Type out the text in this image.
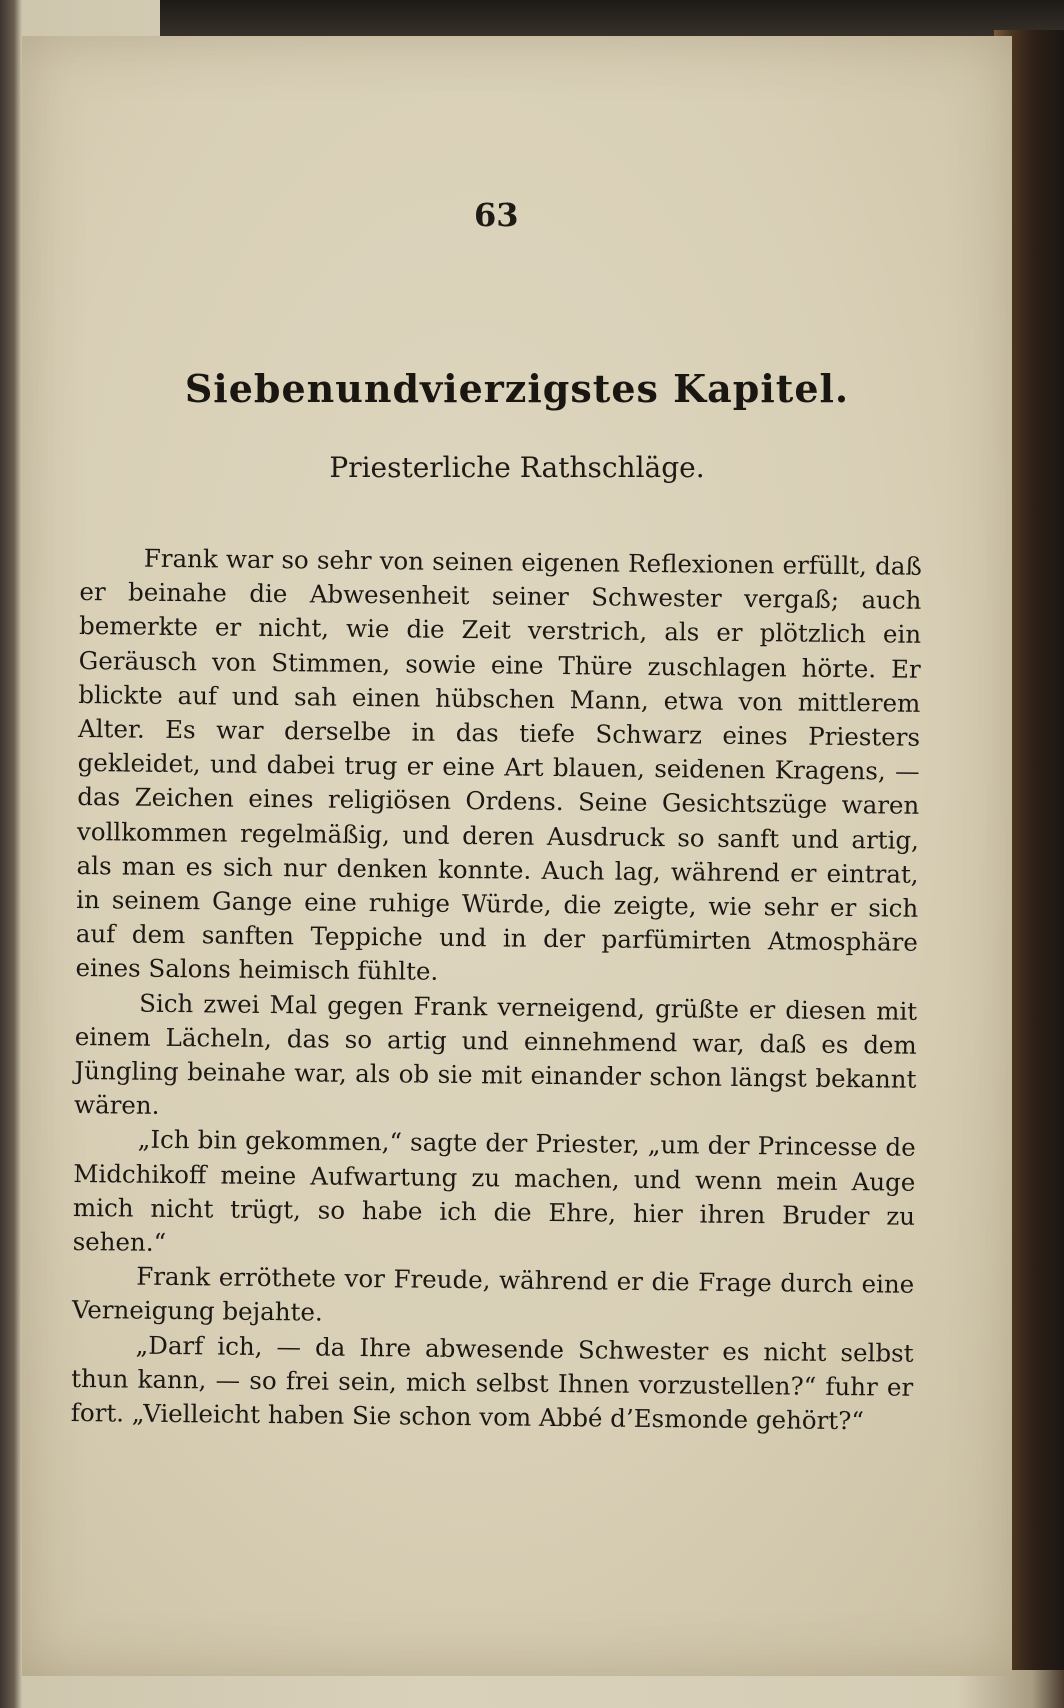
63
Siebenundvierzigstes Kapitel.
Priesterliche Rathschläge.

Frank war so sehr von seinen eigenen Reflexionen erfüllt, daß er beinahe die Abwesenheit seiner Schwester vergaß; auch bemerkte er nicht, wie die Zeit verstrich, als er plötzlich ein Geräusch von Stimmen, sowie eine Thüre zuschlagen hörte. Er blickte auf und sah einen hübschen Mann, etwa von mittlerem Alter. Es war derselbe in das tiefe Schwarz eines Priesters gekleidet, und dabei trug er eine Art blauen, seidenen Kragens, — das Zeichen eines religiösen Ordens. Seine Gesichtszüge waren vollkommen regelmäßig, und deren Ausdruck so sanft und artig, als man es sich nur denken konnte. Auch lag, während er eintrat, in seinem Gange eine ruhige Würde, die zeigte, wie sehr er sich auf dem sanften Teppiche und in der parfümirten Atmosphäre eines Salons heimisch fühlte.

Sich zwei Mal gegen Frank verneigend, grüßte er diesen mit einem Lächeln, das so artig und einnehmend war, daß es dem Jüngling beinahe war, als ob sie mit einander schon längst bekannt wären.

„Ich bin gekommen,“ sagte der Priester, „um der Princesse de Midchikoff meine Aufwartung zu machen, und wenn mein Auge mich nicht trügt, so habe ich die Ehre, hier ihren Bruder zu sehen.“

Frank erröthete vor Freude, während er die Frage durch eine Verneigung bejahte.

„Darf ich, — da Ihre abwesende Schwester es nicht selbst thun kann, — so frei sein, mich selbst Ihnen vorzustellen?“ fuhr er fort. „Vielleicht haben Sie schon vom Abbé d’Esmonde gehört?“
